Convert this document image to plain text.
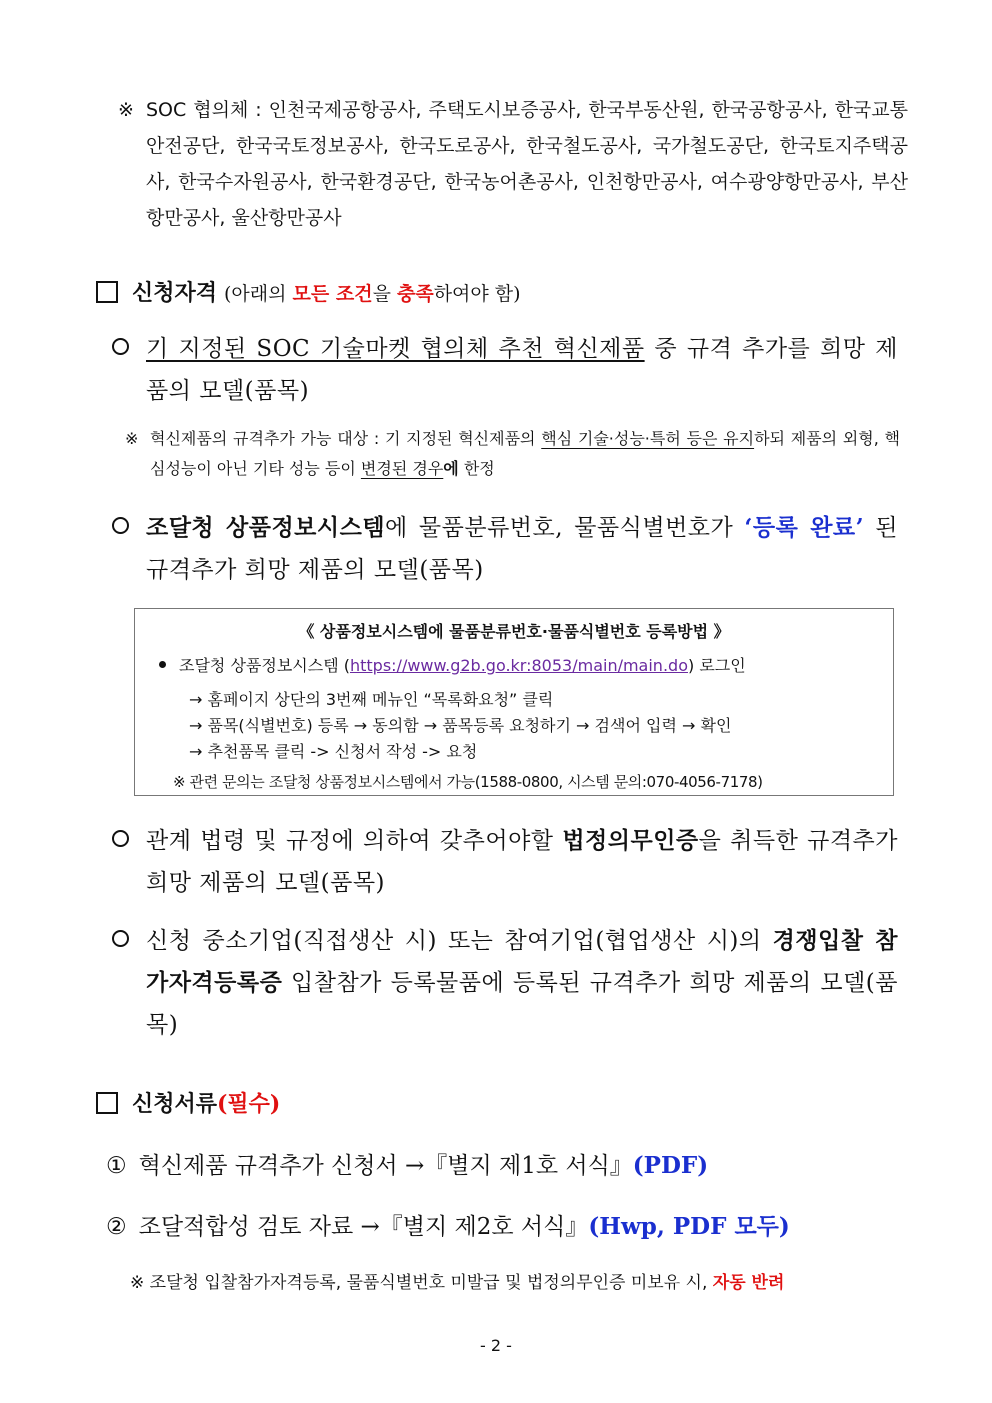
※ SOC 협의체 : 인천국제공항공사, 주택도시보증공사, 한국부동산원, 한국공항공사, 한국교통안전공단, 한국국토정보공사, 한국도로공사, 한국철도공사, 국가철도공단, 한국토지주택공사, 한국수자원공사, 한국환경공단, 한국농어촌공사, 인천항만공사, 여수광양항만공사, 부산항만공사, 울산항만공사
신청자격 (아래의 모든 조건을 충족하여야 함)
기 지정된 SOC 기술마켓 협의체 추천 혁신제품 중 규격 추가를 희망 제품의 모델(품목)
※ 혁신제품의 규격추가 가능 대상 : 기 지정된 혁신제품의 핵심 기술·성능·특허 등은 유지하되 제품의 외형, 핵심성능이 아닌 기타 성능 등이 변경된 경우에 한정
조달청 상품정보시스템에 물품분류번호, 물품식별번호가 ‘등록 완료’ 된 규격추가 희망 제품의 모델(품목)
《 상품정보시스템에 물품분류번호·물품식별번호 등록방법 》
조달청 상품정보시스템 (https://www.g2b.go.kr:8053/main/main.do) 로그인
→ 홈페이지 상단의 3번째 메뉴인 “목록화요청” 클릭
→ 품목(식별번호) 등록 → 동의함 → 품목등록 요청하기 → 검색어 입력 → 확인
→ 추천품목 클릭 -> 신청서 작성 -> 요청
※ 관련 문의는 조달청 상품정보시스템에서 가능(1588-0800, 시스템 문의:070-4056-7178)
관계 법령 및 규정에 의하여 갖추어야할 법정의무인증을 취득한 규격추가 희망 제품의 모델(품목)
신청 중소기업(직접생산 시) 또는 참여기업(협업생산 시)의 경쟁입찰 참가자격등록증 입찰참가 등록물품에 등록된 규격추가 희망 제품의 모델(품목)
신청서류(필수)
① 혁신제품 규격추가 신청서 →『별지 제1호 서식』(PDF)
② 조달적합성 검토 자료 →『별지 제2호 서식』(Hwp, PDF 모두)
※ 조달청 입찰참가자격등록, 물품식별번호 미발급 및 법정의무인증 미보유 시, 자동 반려
- 2 -
